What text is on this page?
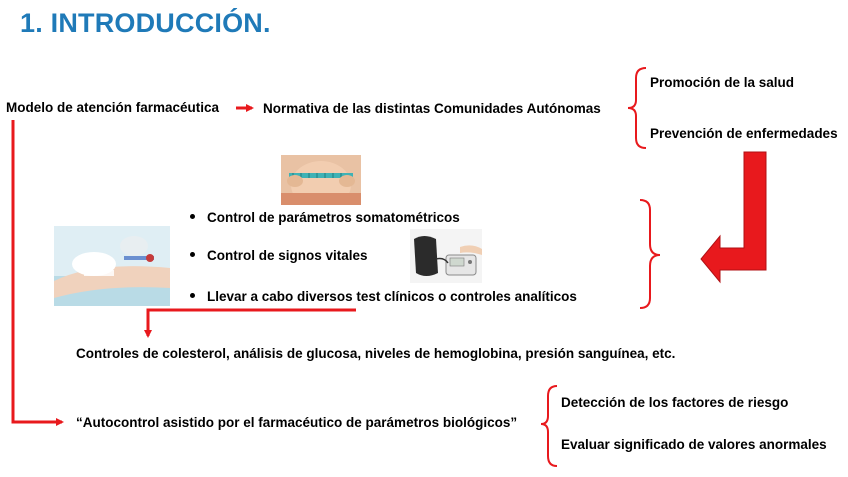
1. INTRODUCCIÓN.
Modelo de atención farmacéutica	Normativa de las distintas Comunidades Autónomas
Promoción de la salud
Prevención de enfermedades
Control de parámetros somatométricos
Control de signos vitales
Llevar a cabo diversos test clínicos o controles analíticos
Controles de colesterol, análisis de glucosa, niveles de hemoglobina, presión sanguínea, etc.
“Autocontrol asistido por el farmacéutico de parámetros biológicos”
Detección de los factores de riesgo
Evaluar significado de valores anormales
